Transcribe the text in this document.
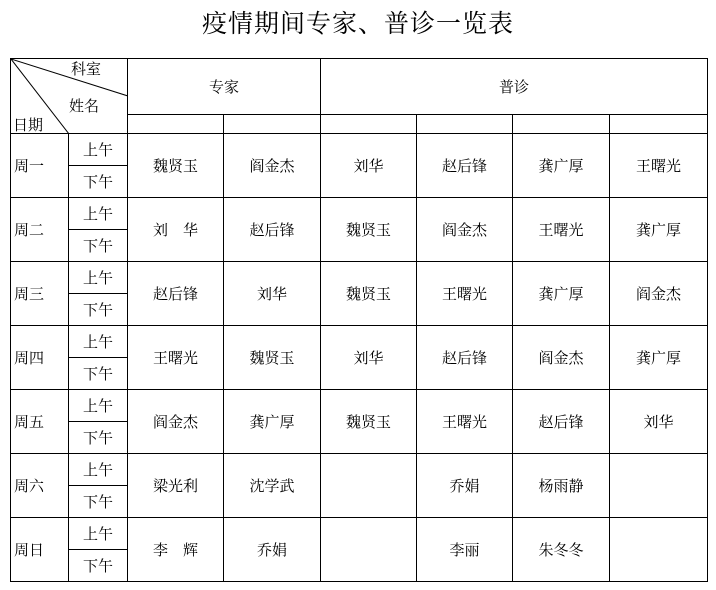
疫情期间专家、普诊一览表
科室
姓名
日期		专家		普诊			

周一	上午	魏贤玉	阎金杰	刘华	赵后锋	龚广厚	王曙光
	下午						
周二	上午	刘　华	赵后锋	魏贤玉	阎金杰	王曙光	龚广厚
	下午						
周三	上午	赵后锋	刘华	魏贤玉	王曙光	龚广厚	阎金杰
	下午						
周四	上午	王曙光	魏贤玉	刘华	赵后锋	阎金杰	龚广厚
	下午						
周五	上午	阎金杰	龚广厚	魏贤玉	王曙光	赵后锋	刘华
	下午						
周六	上午	梁光利	沈学武		乔娟	杨雨静	
	下午						
周日	上午	李　辉	乔娟		李丽	朱冬冬	
	下午						
